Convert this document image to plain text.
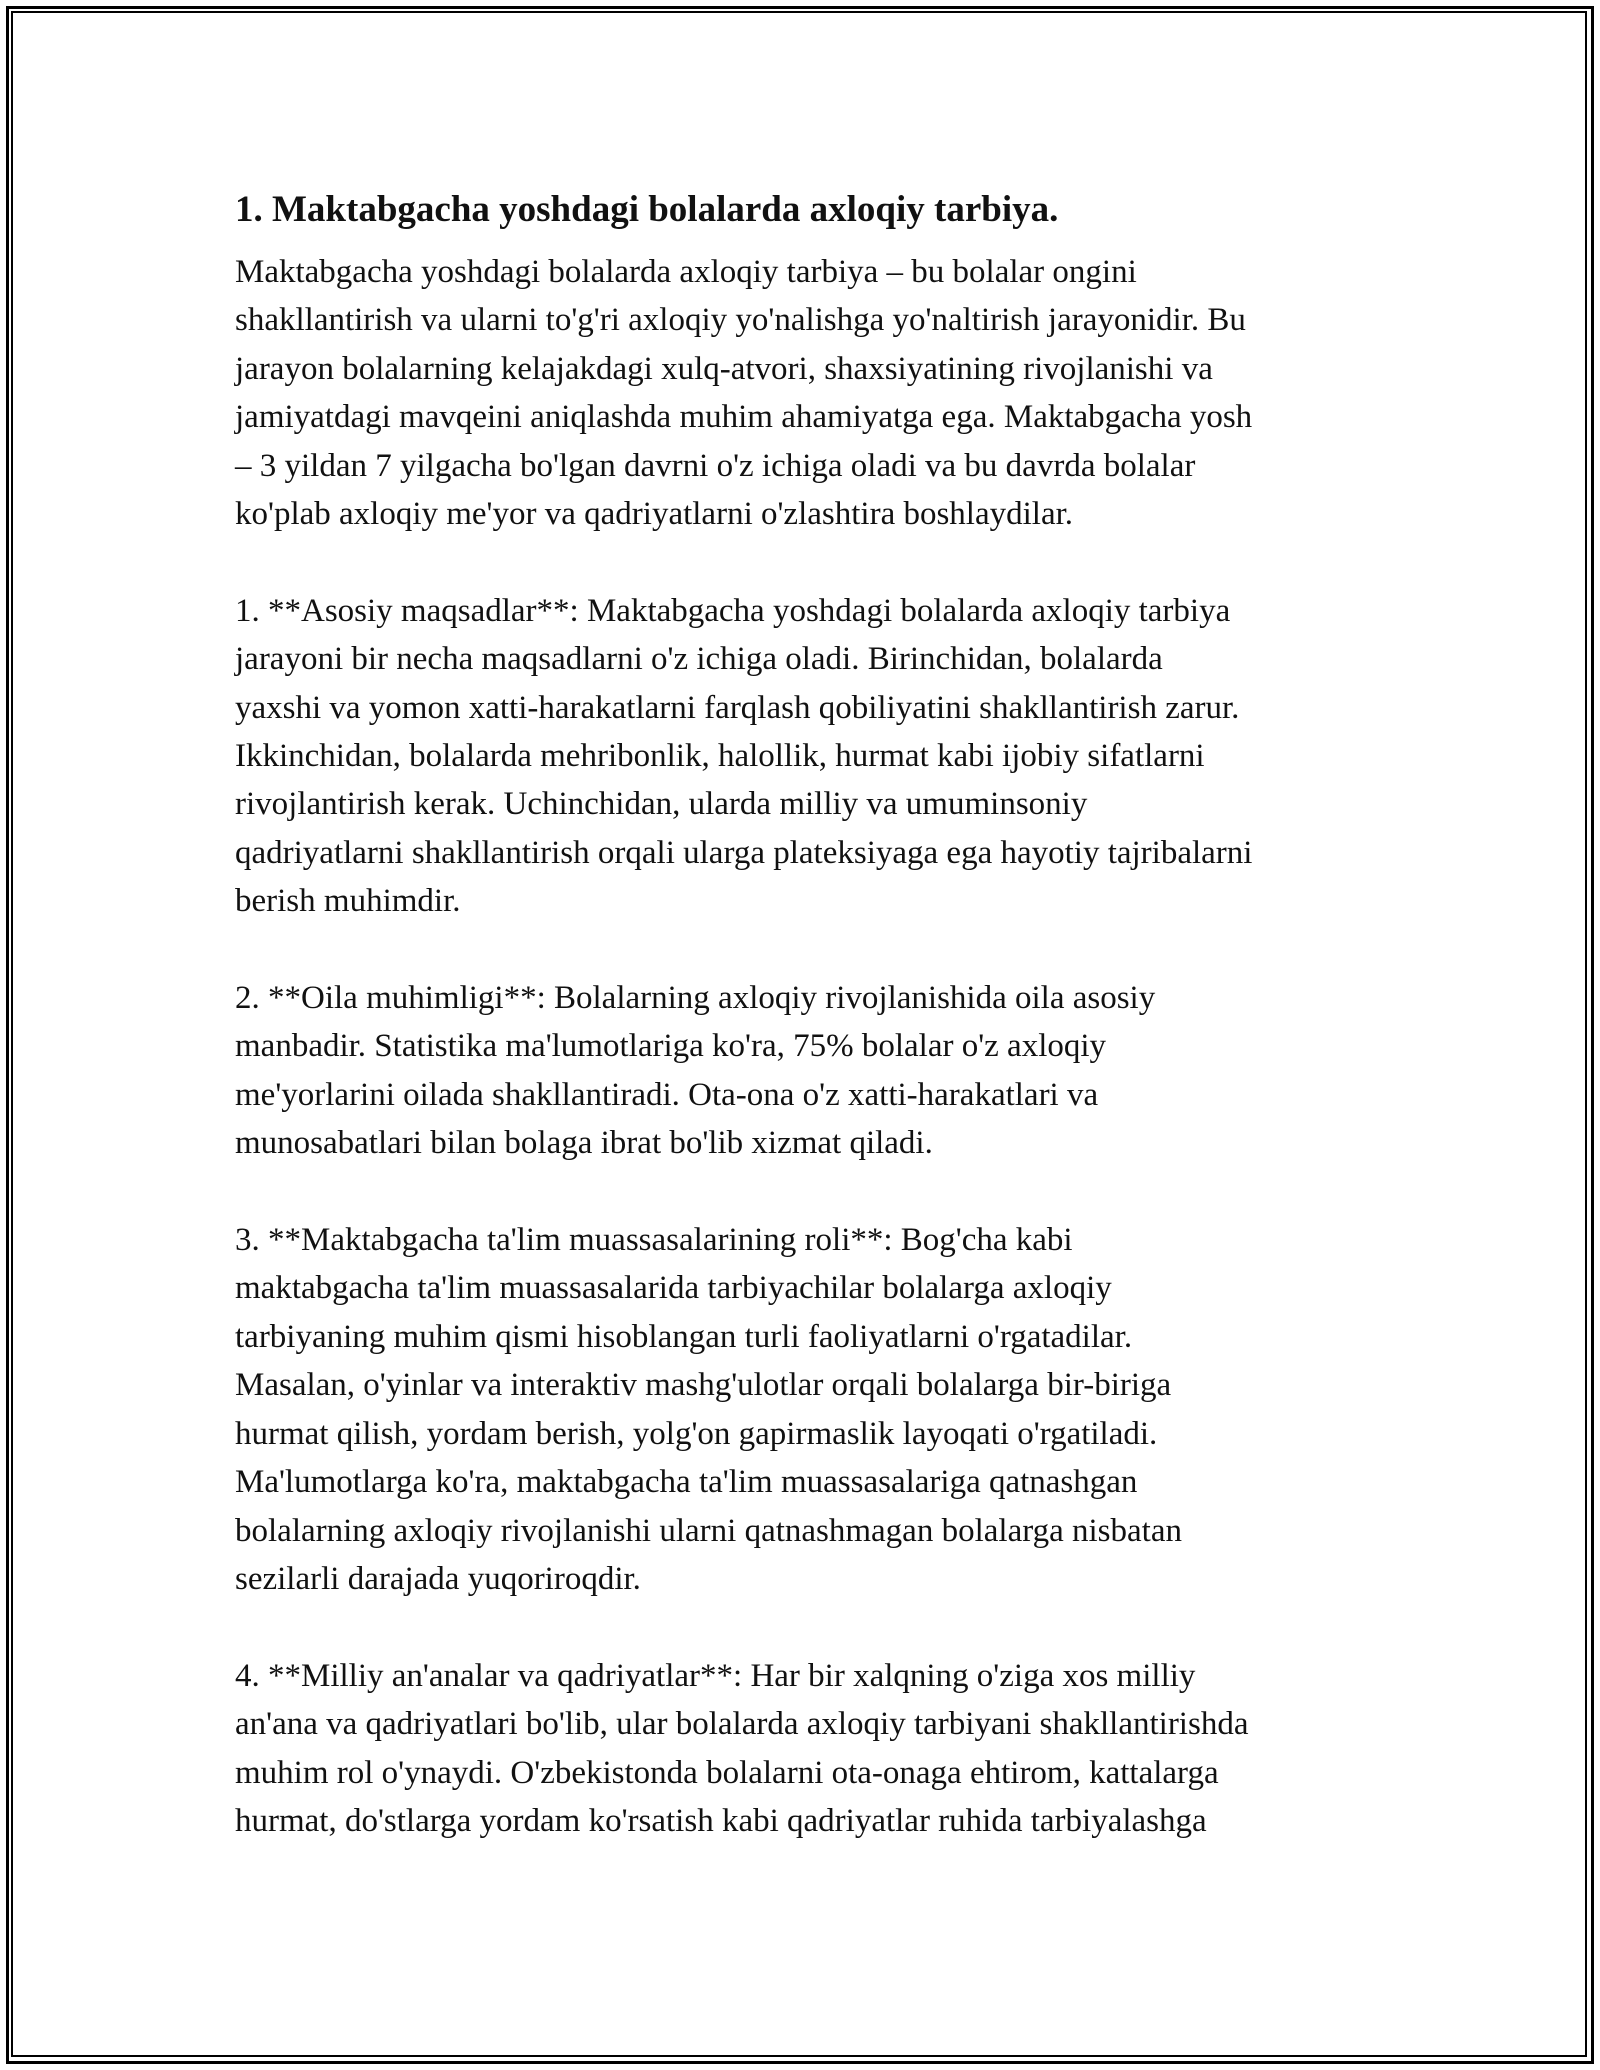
1. Maktabgacha yoshdagi bolalarda axloqiy tarbiya.
Maktabgacha yoshdagi bolalarda axloqiy tarbiya – bu bolalar ongini
shakllantirish va ularni to'g'ri axloqiy yo'nalishga yo'naltirish jarayonidir. Bu
jarayon bolalarning kelajakdagi xulq-atvori, shaxsiyatining rivojlanishi va
jamiyatdagi mavqeini aniqlashda muhim ahamiyatga ega. Maktabgacha yosh
– 3 yildan 7 yilgacha bo'lgan davrni o'z ichiga oladi va bu davrda bolalar
ko'plab axloqiy me'yor va qadriyatlarni o'zlashtira boshlaydilar.
1. **Asosiy maqsadlar**: Maktabgacha yoshdagi bolalarda axloqiy tarbiya
jarayoni bir necha maqsadlarni o'z ichiga oladi. Birinchidan, bolalarda
yaxshi va yomon xatti-harakatlarni farqlash qobiliyatini shakllantirish zarur.
Ikkinchidan, bolalarda mehribonlik, halollik, hurmat kabi ijobiy sifatlarni
rivojlantirish kerak. Uchinchidan, ularda milliy va umuminsoniy
qadriyatlarni shakllantirish orqali ularga plateksiyaga ega hayotiy tajribalarni
berish muhimdir.
2. **Oila muhimligi**: Bolalarning axloqiy rivojlanishida oila asosiy
manbadir. Statistika ma'lumotlariga ko'ra, 75% bolalar o'z axloqiy
me'yorlarini oilada shakllantiradi. Ota-ona o'z xatti-harakatlari va
munosabatlari bilan bolaga ibrat bo'lib xizmat qiladi.
3. **Maktabgacha ta'lim muassasalarining roli**: Bog'cha kabi
maktabgacha ta'lim muassasalarida tarbiyachilar bolalarga axloqiy
tarbiyaning muhim qismi hisoblangan turli faoliyatlarni o'rgatadilar.
Masalan, o'yinlar va interaktiv mashg'ulotlar orqali bolalarga bir-biriga
hurmat qilish, yordam berish, yolg'on gapirmaslik layoqati o'rgatiladi.
Ma'lumotlarga ko'ra, maktabgacha ta'lim muassasalariga qatnashgan
bolalarning axloqiy rivojlanishi ularni qatnashmagan bolalarga nisbatan
sezilarli darajada yuqoriroqdir.
4. **Milliy an'analar va qadriyatlar**: Har bir xalqning o'ziga xos milliy
an'ana va qadriyatlari bo'lib, ular bolalarda axloqiy tarbiyani shakllantirishda
muhim rol o'ynaydi. O'zbekistonda bolalarni ota-onaga ehtirom, kattalarga
hurmat, do'stlarga yordam ko'rsatish kabi qadriyatlar ruhida tarbiyalashga
